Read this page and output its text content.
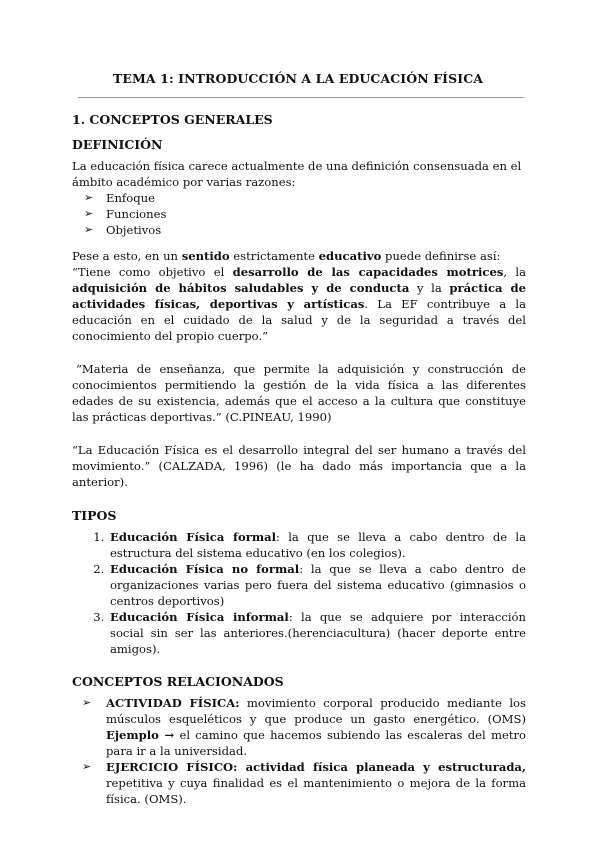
TEMA 1: INTRODUCCIÓN A LA EDUCACIÓN FÍSICA
1. CONCEPTOS GENERALES
DEFINICIÓN

La educación física carece actualmente de una definición consensuada en el ámbito académico por varias razones:

➢ Enfoque
➢ Funciones
➢ Objetivos

Pese a esto, en un sentido estrictamente educativo puede definirse así:

“Tiene como objetivo el desarrollo de las capacidades motrices, la adquisición de hábitos saludables y de conducta y la práctica de actividades físicas, deportivas y artísticas. La EF contribuye a la educación en el cuidado de la salud y de la seguridad a través del conocimiento del propio cuerpo.”

“Materia de enseñanza, que permite la adquisición y construcción de conocimientos permitiendo la gestión de la vida física a las diferentes edades de su existencia, además que el acceso a la cultura que constituye las prácticas deportivas.” (C.PINEAU, 1990)

“La Educación Física es el desarrollo integral del ser humano a través del movimiento.” (CALZADA, 1996) (le ha dado más importancia que a la anterior).

TIPOS
1. Educación Física formal: la que se lleva a cabo dentro de la estructura del sistema educativo (en los colegios).
2. Educación Física no formal: la que se lleva a cabo dentro de organizaciones varias pero fuera del sistema educativo (gimnasios o centros deportivos)
3. Educación Física informal: la que se adquiere por interacción social sin ser las anteriores.(herenciacultura) (hacer deporte entre amigos).
CONCEPTOS RELACIONADOS
➢ ACTIVIDAD FÍSICA: movimiento corporal producido mediante los músculos esqueléticos y que produce un gasto energético. (OMS) Ejemplo → el camino que hacemos subiendo las escaleras del metro para ir a la universidad.
➢ EJERCICIO FÍSICO: actividad física planeada y estructurada, repetitiva y cuya finalidad es el mantenimiento o mejora de la forma física. (OMS).
